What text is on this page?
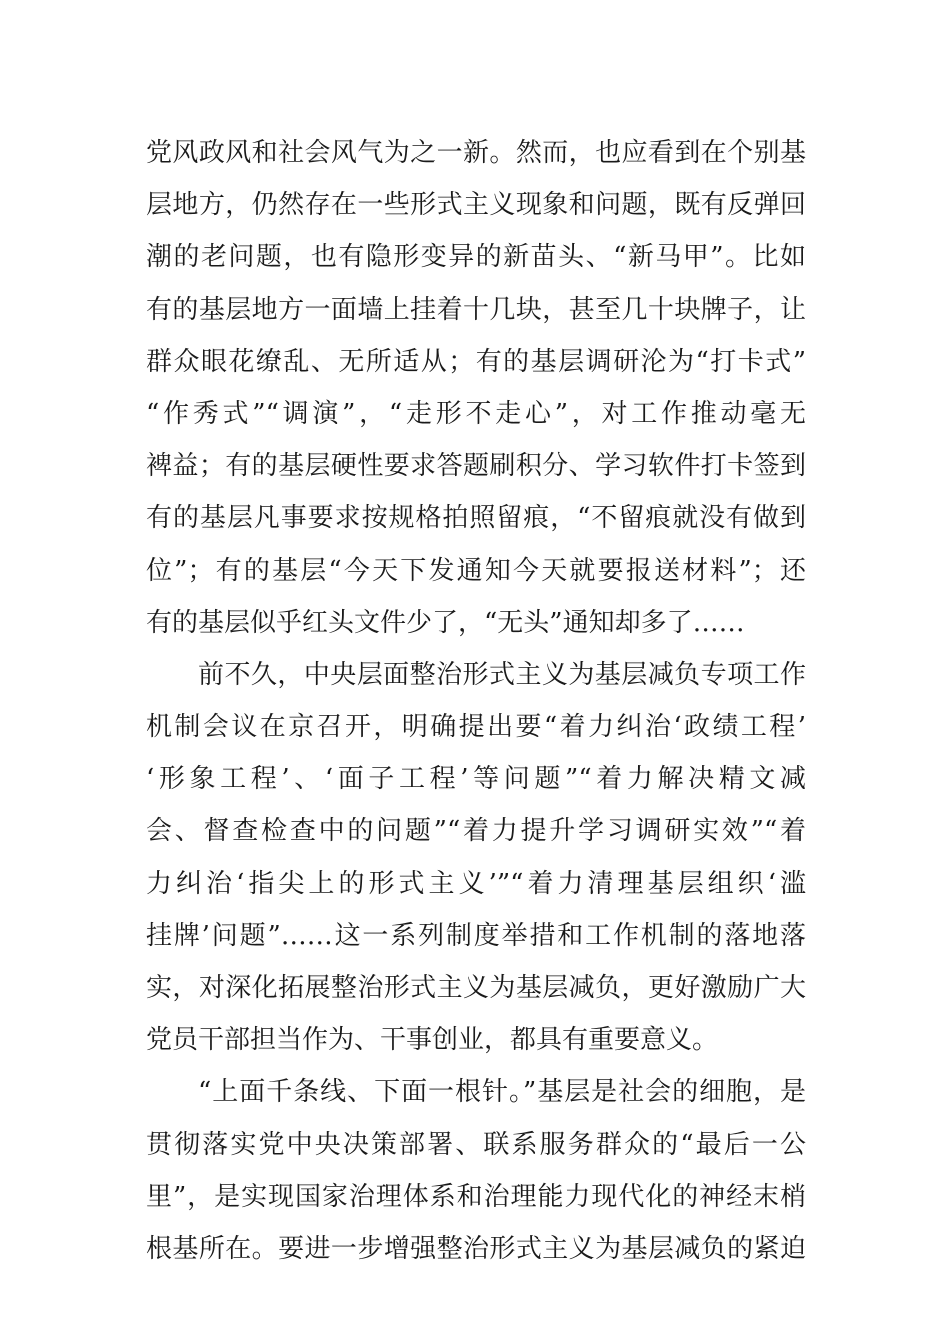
党风政风和社会风气为之一新。然而，也应看到在个别基
层地方，仍然存在一些形式主义现象和问题，既有反弹回
潮的老问题，也有隐形变异的新苗头、“新马甲”。比如
有的基层地方一面墙上挂着十几块，甚至几十块牌子，让
群众眼花缭乱、无所适从；有的基层调研沦为“打卡式”
“作秀式”“调演”，“走形不走心”，对工作推动毫无
裨益；有的基层硬性要求答题刷积分、学习软件打卡签到
有的基层凡事要求按规格拍照留痕，“不留痕就没有做到
位”；有的基层“今天下发通知今天就要报送材料”；还
有的基层似乎红头文件少了，“无头”通知却多了……
前不久，中央层面整治形式主义为基层减负专项工作
机制会议在京召开，明确提出要“着力纠治‘政绩工程’
‘形象工程’、‘面子工程’等问题”“着力解决精文减
会、督查检查中的问题”“着力提升学习调研实效”“着
力纠治‘指尖上的形式主义’”“着力清理基层组织‘滥
挂牌’问题”……这一系列制度举措和工作机制的落地落
实，对深化拓展整治形式主义为基层减负，更好激励广大
党员干部担当作为、干事创业，都具有重要意义。
“上面千条线、下面一根针。”基层是社会的细胞，是
贯彻落实党中央决策部署、联系服务群众的“最后一公
里”，是实现国家治理体系和治理能力现代化的神经末梢
根基所在。要进一步增强整治形式主义为基层减负的紧迫
